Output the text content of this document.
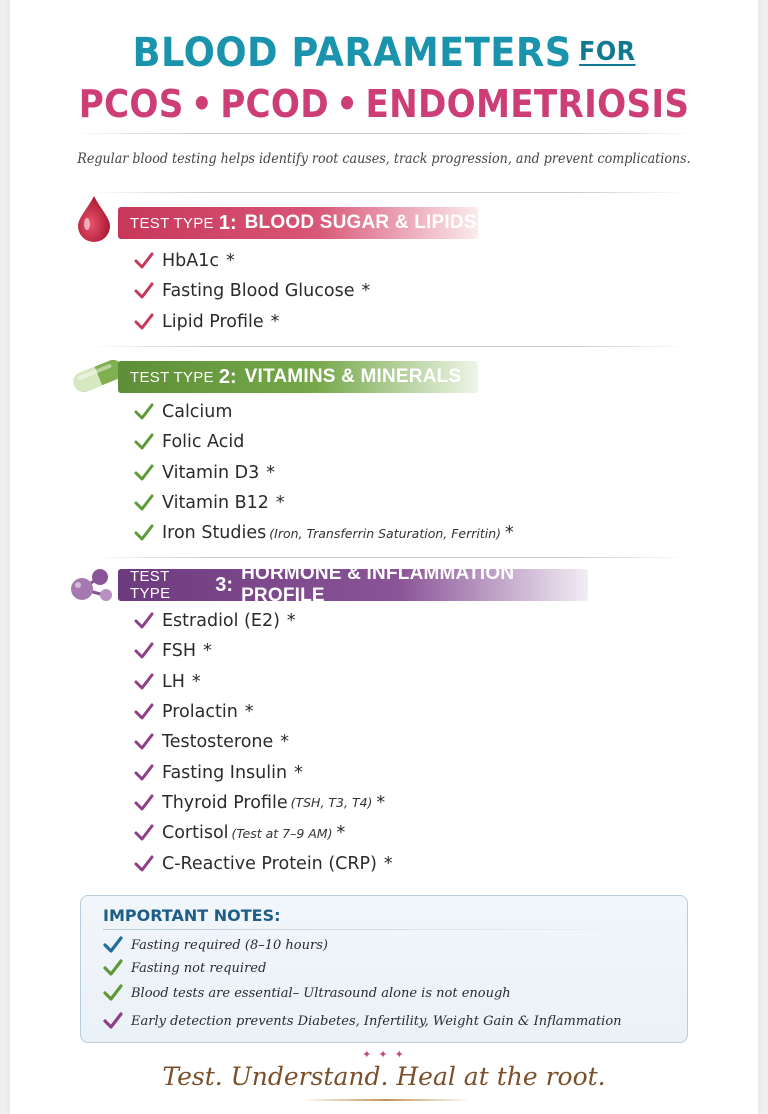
BLOOD PARAMETERS FOR
PCOS • PCOD • ENDOMETRIOSIS
Regular blood testing helps identify root causes, track progression, and prevent complications.
TEST TYPE 1: BLOOD SUGAR & LIPIDS
HbA1c *
Fasting Blood Glucose *
Lipid Profile *
TEST TYPE 2: VITAMINS & MINERALS
Calcium
Folic Acid
Vitamin D3 *
Vitamin B12 *
Iron Studies (Iron, Transferrin Saturation, Ferritin) *
TEST TYPE	3: HORMONE & INFLAMMATION PROFILE
Estradiol (E2) *
FSH *
LH *
Prolactin *
Testosterone *
Fasting Insulin *
Thyroid Profile (TSH, T3, T4) *
Cortisol (Test at 7–9 AM) *
C-Reactive Protein (CRP) *
IMPORTANT NOTES:
Fasting required (8–10 hours)
Fasting not required
Blood tests are essential– Ultrasound alone is not enough
Early detection prevents Diabetes, Infertility, Weight Gain & Inflammation
✦ ✦ ✦
Test. Understand. Heal at the root.
